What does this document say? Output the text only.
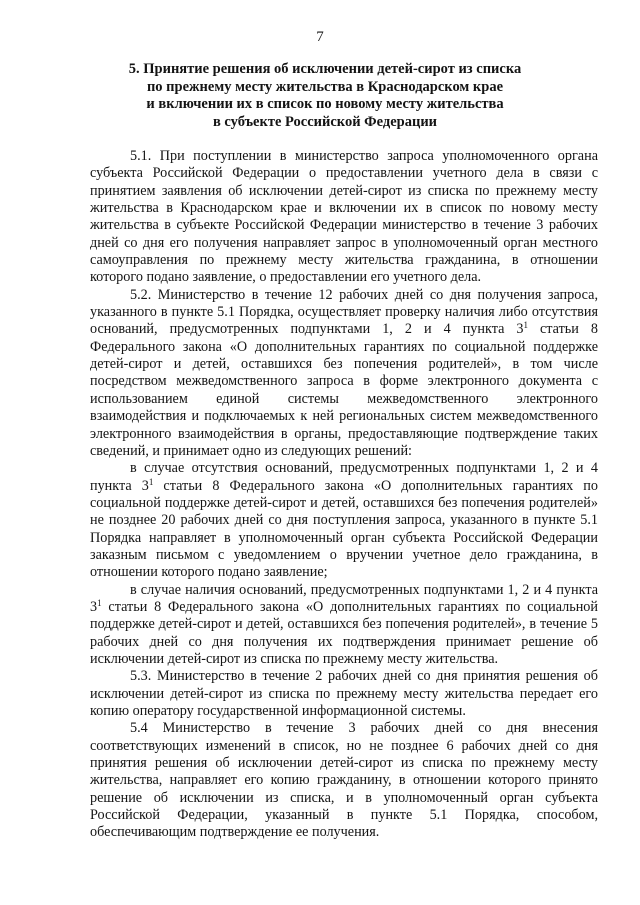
7
5. Принятие решения об исключении детей-сирот из списка
по прежнему месту жительства в Краснодарском крае
и включении их в список по новому месту жительства
в субъекте Российской Федерации

5.1. При поступлении в министерство запроса уполномоченного органа субъекта Российской Федерации о предоставлении учетного дела в связи с принятием заявления об исключении детей-сирот из списка по прежнему месту жительства в Краснодарском крае и включении их в список по новому месту жительства в субъекте Российской Федерации министерство в течение 3 рабочих дней со дня его получения направляет запрос в уполномоченный орган местного самоуправления по прежнему месту жительства гражданина, в отношении которого подано заявление, о предоставлении его учетного дела.

5.2. Министерство в течение 12 рабочих дней со дня получения запроса, указанного в пункте 5.1 Порядка, осуществляет проверку наличия либо отсутствия оснований, предусмотренных подпунктами 1, 2 и 4 пункта $3^1$ статьи 8 Федерального закона «О дополнительных гарантиях по социальной поддержке детей-сирот и детей, оставшихся без попечения родителей», в том числе посредством межведомственного запроса в форме электронного документа с использованием единой системы межведомственного электронного взаимодействия и подключаемых к ней региональных систем межведомственного электронного взаимодействия в органы, предоставляющие подтверждение таких сведений, и принимает одно из следующих решений:

в случае отсутствия оснований, предусмотренных подпунктами 1, 2 и 4 пункта $3^1$ статьи 8 Федерального закона «О дополнительных гарантиях по социальной поддержке детей-сирот и детей, оставшихся без попечения родителей» не позднее 20 рабочих дней со дня поступления запроса, указанного в пункте 5.1 Порядка направляет в уполномоченный орган субъекта Российской Федерации заказным письмом с уведомлением о вручении учетное дело гражданина, в отношении которого подано заявление;

в случае наличия оснований, предусмотренных подпунктами 1, 2 и 4 пункта $3^1$ статьи 8 Федерального закона «О дополнительных гарантиях по социальной поддержке детей-сирот и детей, оставшихся без попечения родителей», в течение 5 рабочих дней со дня получения их подтверждения принимает решение об исключении детей-сирот из списка по прежнему месту жительства.

5.3. Министерство в течение 2 рабочих дней со дня принятия решения об исключении детей-сирот из списка по прежнему месту жительства передает его копию оператору государственной информационной системы.

5.4 Министерство в течение 3 рабочих дней со дня внесения соответствующих изменений в список, но не позднее 6 рабочих дней со дня принятия решения об исключении детей-сирот из списка по прежнему месту жительства, направляет его копию гражданину, в отношении которого принято решение об исключении из списка, и в уполномоченный орган субъекта Российской Федерации, указанный в пункте 5.1 Порядка, способом, обеспечивающим подтверждение ее получения.
